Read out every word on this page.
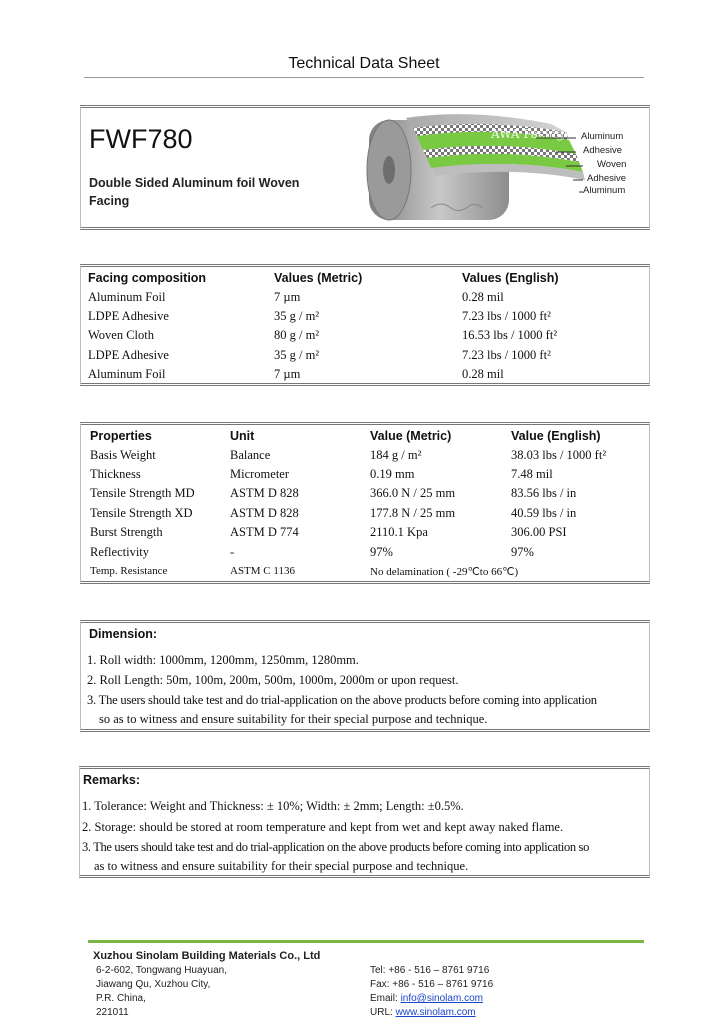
Technical Data Sheet
FWF780
Double Sided Aluminum foil Woven Facing
AWA Facings Aluminum
Adhesive
Woven
Adhesive
Aluminum
Facing composition	Values (Metric)	Values (English)
Aluminum Foil	7 µm	0.28 mil
LDPE Adhesive	35 g / m²	7.23 lbs / 1000 ft²
Woven Cloth	80 g / m²	16.53 lbs / 1000 ft²
LDPE Adhesive	35 g / m²	7.23 lbs / 1000 ft²
Aluminum Foil	7 µm	0.28 mil
Properties	Unit	Value (Metric)	Value (English)
Basis Weight	Balance	184 g / m²	38.03 lbs / 1000 ft²
Thickness	Micrometer	0.19 mm	7.48 mil
Tensile Strength MD	ASTM D 828	366.0 N / 25 mm	83.56 lbs / in
Tensile Strength XD	ASTM D 828	177.8 N / 25 mm	40.59 lbs / in
Burst Strength	ASTM D 774	2110.1 Kpa	306.00 PSI
Reflectivity	-	97%	97%
Temp. Resistance	ASTM C 1136	No delamination ( -29℃to 66℃)	
Dimension:
1. Roll width: 1000mm, 1200mm, 1250mm, 1280mm.
2. Roll Length: 50m, 100m, 200m, 500m, 1000m, 2000m or upon request.
3. The users should take test and do trial-application on the above products before coming into application
so as to witness and ensure suitability for their special purpose and technique.
Remarks:
1. Tolerance: Weight and Thickness: ± 10%; Width: ± 2mm; Length: ±0.5%.
2. Storage: should be stored at room temperature and kept from wet and kept away naked flame.
3. The users should take test and do trial-application on the above products before coming into application so
as to witness and ensure suitability for their special purpose and technique.
Xuzhou Sinolam Building Materials Co., Ltd
6-2-602, Tongwang Huayuan,
Jiawang Qu, Xuzhou City,
P.R. China,
221011
Tel: +86 - 516 – 8761 9716
Fax: +86 - 516 – 8761 9716
Email: info@sinolam.com
URL: www.sinolam.com
